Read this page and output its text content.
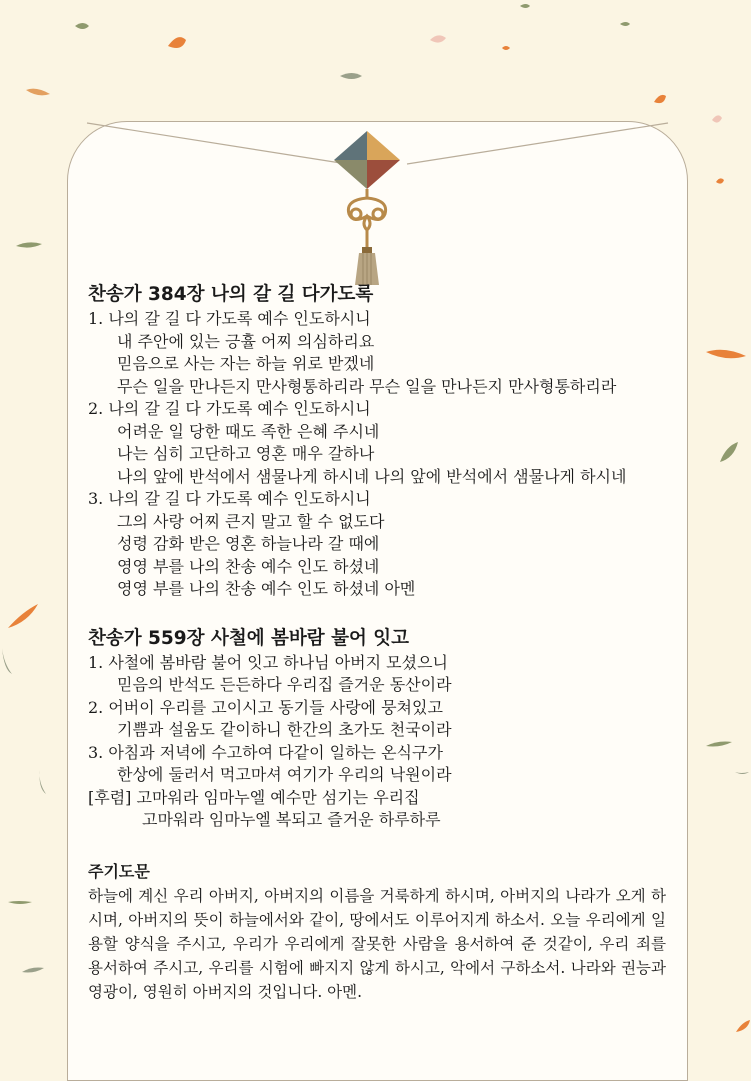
찬송가 384장 나의 갈 길 다가도록

1. 나의 갈 길 다 가도록 예수 인도하시니

내 주안에 있는 긍휼 어찌 의심하리요

믿음으로 사는 자는 하늘 위로 받겠네

무슨 일을 만나든지 만사형통하리라 무슨 일을 만나든지 만사형통하리라

2. 나의 갈 길 다 가도록 예수 인도하시니

어려운 일 당한 때도 족한 은혜 주시네

나는 심히 고단하고 영혼 매우 갈하나

나의 앞에 반석에서 샘물나게 하시네 나의 앞에 반석에서 샘물나게 하시네

3. 나의 갈 길 다 가도록 예수 인도하시니

그의 사랑 어찌 큰지 말고 할 수 없도다

성령 감화 받은 영혼 하늘나라 갈 때에

영영 부를 나의 찬송 예수 인도 하셨네

영영 부를 나의 찬송 예수 인도 하셨네 아멘

찬송가 559장 사철에 봄바람 불어 잇고

1. 사철에 봄바람 불어 잇고 하나님 아버지 모셨으니

믿음의 반석도 든든하다 우리집 즐거운 동산이라

2. 어버이 우리를 고이시고 동기들 사랑에 뭉쳐있고

기쁨과 설움도 같이하니 한간의 초가도 천국이라

3. 아침과 저녁에 수고하여 다같이 일하는 온식구가

한상에 둘러서 먹고마셔 여기가 우리의 낙원이라

[후렴] 고마워라 임마누엘 예수만 섬기는 우리집

고마워라 임마누엘 복되고 즐거운 하루하루

주기도문

하늘에 계신 우리 아버지, 아버지의 이름을 거룩하게 하시며, 아버지의 나라가 오게 하시며, 아버지의 뜻이 하늘에서와 같이, 땅에서도 이루어지게 하소서. 오늘 우리에게 일용할 양식을 주시고, 우리가 우리에게 잘못한 사람을 용서하여 준 것같이, 우리 죄를 용서하여 주시고, 우리를 시험에 빠지지 않게 하시고, 악에서 구하소서. 나라와 권능과 영광이, 영원히 아버지의 것입니다. 아멘.
